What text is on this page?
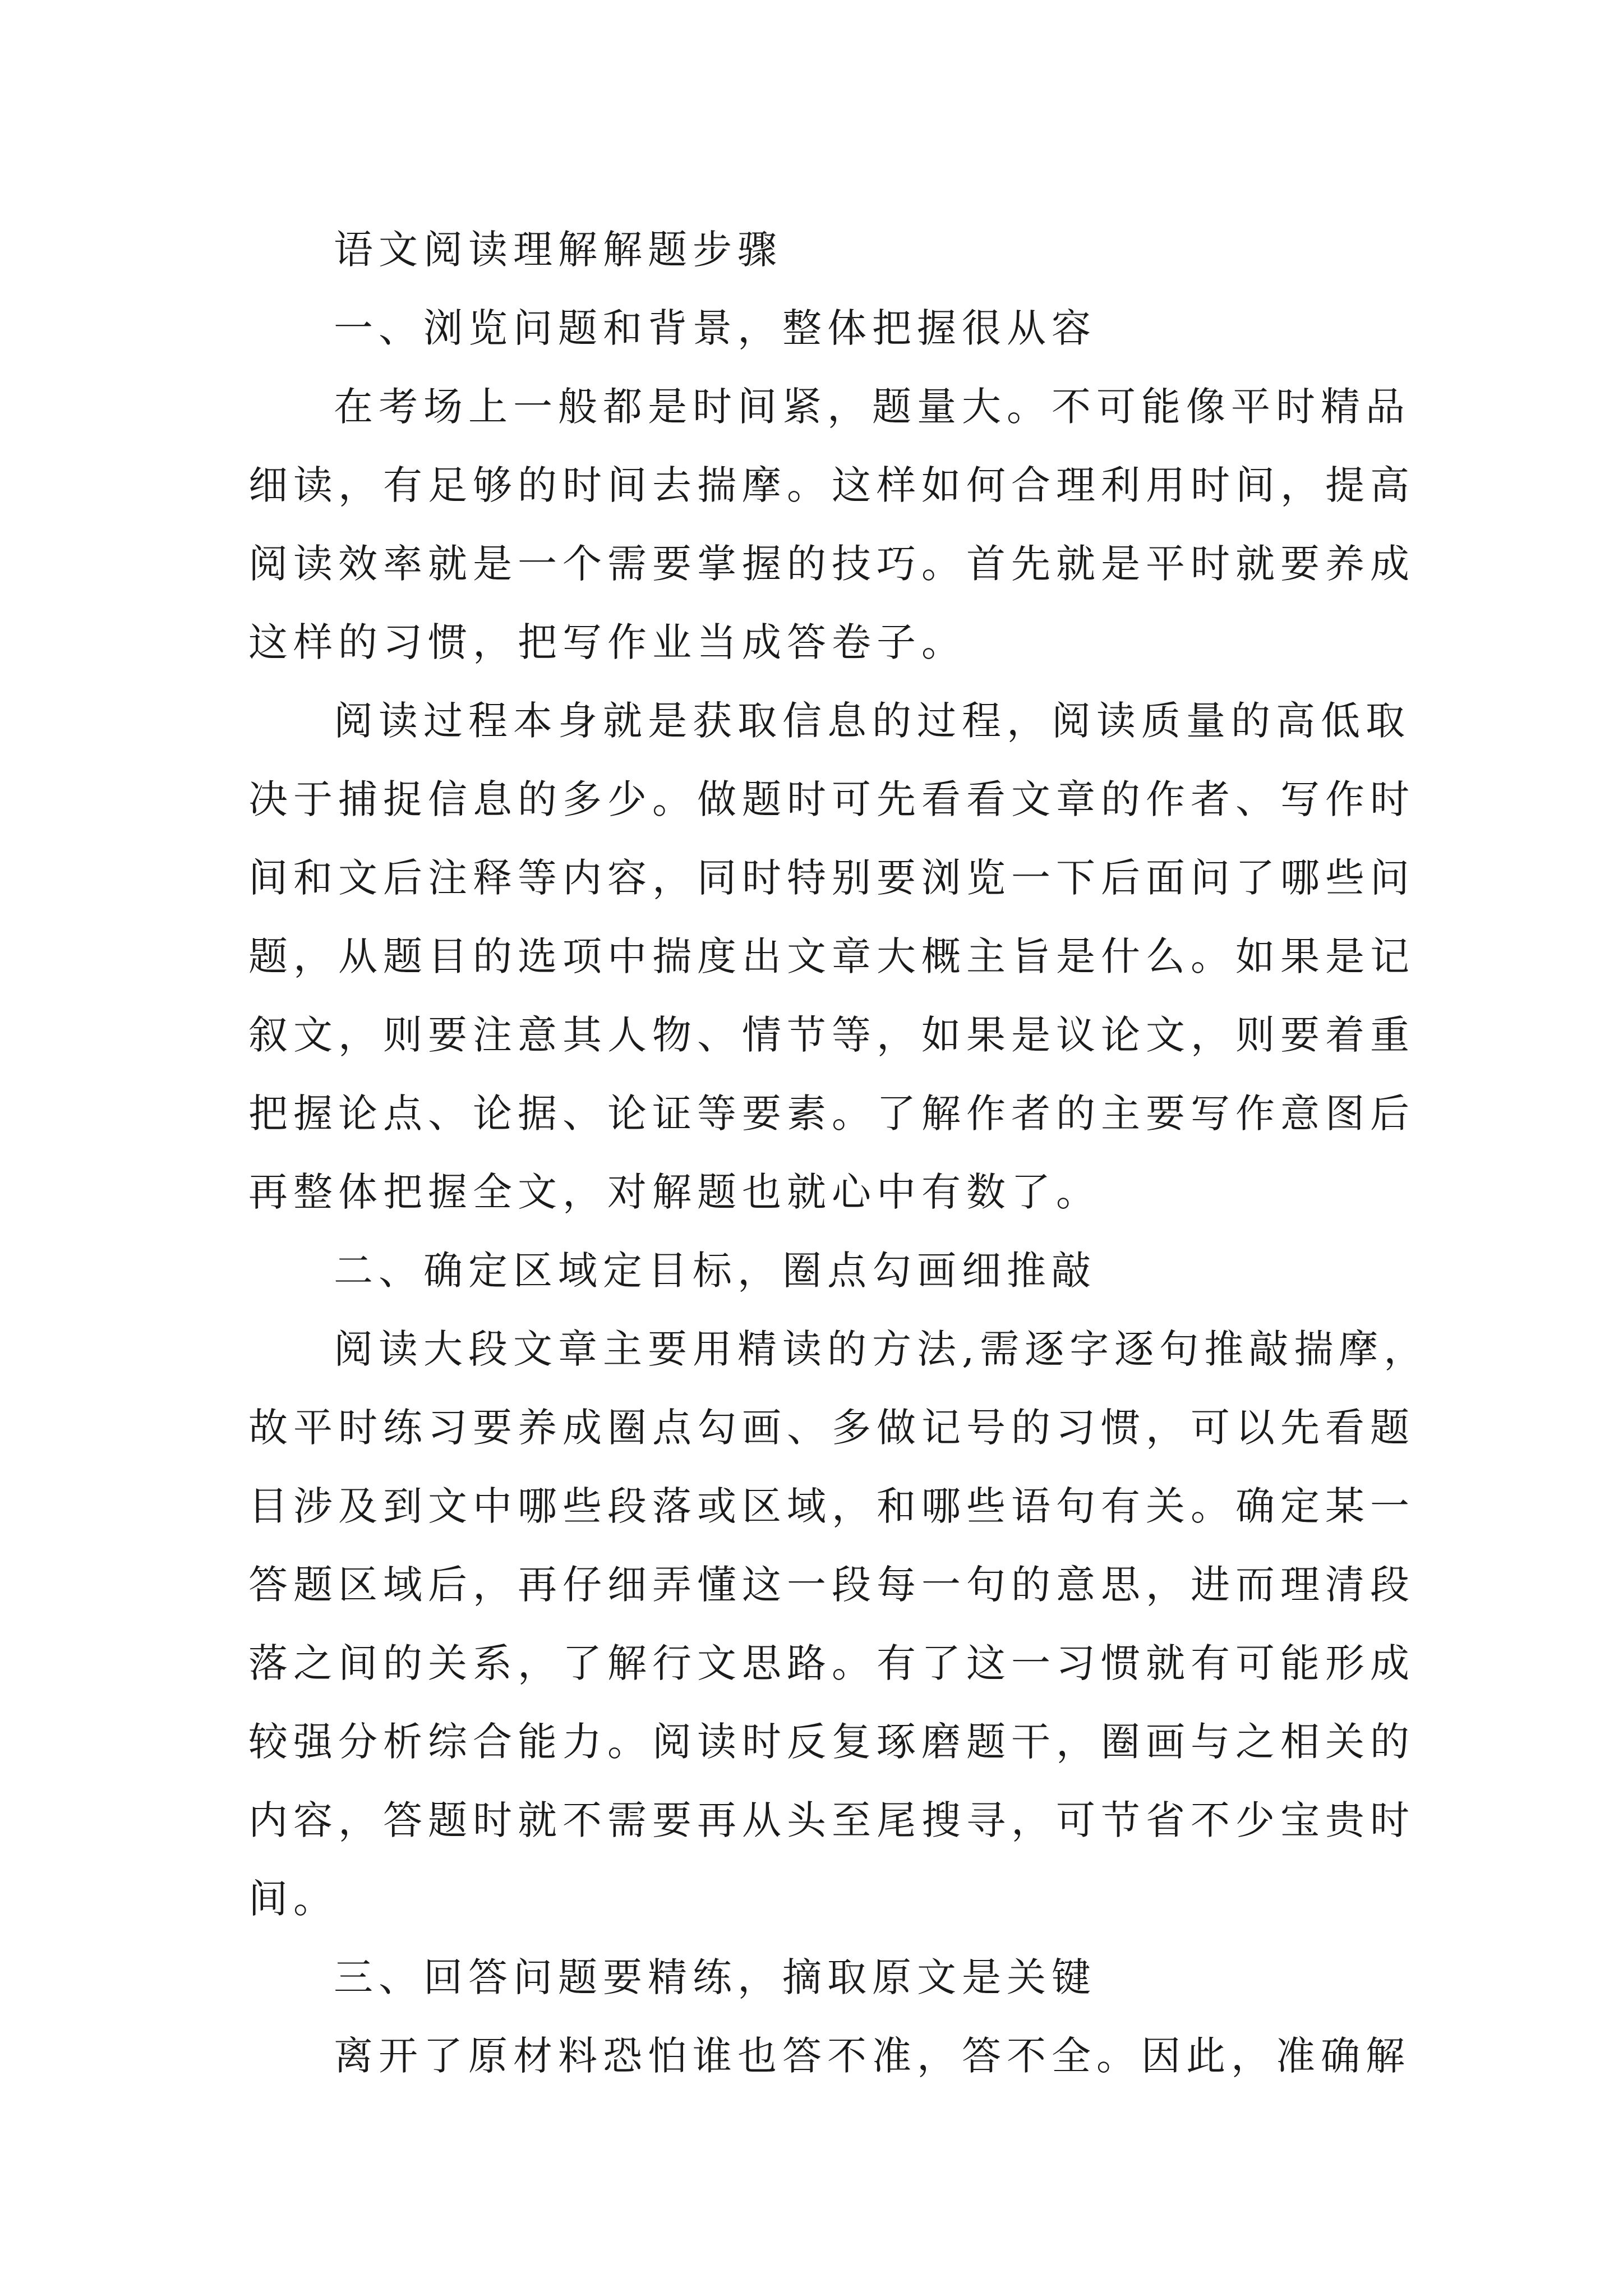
语文阅读理解解题步骤
一、浏览问题和背景，整体把握很从容
在考场上一般都是时间紧，题量大。不可能像平时精品
细读，有足够的时间去揣摩。这样如何合理利用时间，提高
阅读效率就是一个需要掌握的技巧。首先就是平时就要养成
这样的习惯，把写作业当成答卷子。
阅读过程本身就是获取信息的过程，阅读质量的高低取
决于捕捉信息的多少。做题时可先看看文章的作者、写作时
间和文后注释等内容，同时特别要浏览一下后面问了哪些问
题，从题目的选项中揣度出文章大概主旨是什么。如果是记
叙文，则要注意其人物、情节等，如果是议论文，则要着重
把握论点、论据、论证等要素。了解作者的主要写作意图后
再整体把握全文，对解题也就心中有数了。
二、确定区域定目标，圈点勾画细推敲
阅读大段文章主要用精读的方法,需逐字逐句推敲揣摩，
故平时练习要养成圈点勾画、多做记号的习惯，可以先看题
目涉及到文中哪些段落或区域，和哪些语句有关。确定某一
答题区域后，再仔细弄懂这一段每一句的意思，进而理清段
落之间的关系，了解行文思路。有了这一习惯就有可能形成
较强分析综合能力。阅读时反复琢磨题干，圈画与之相关的
内容，答题时就不需要再从头至尾搜寻，可节省不少宝贵时
间。
三、回答问题要精练，摘取原文是关键
离开了原材料恐怕谁也答不准，答不全。因此，准确解
